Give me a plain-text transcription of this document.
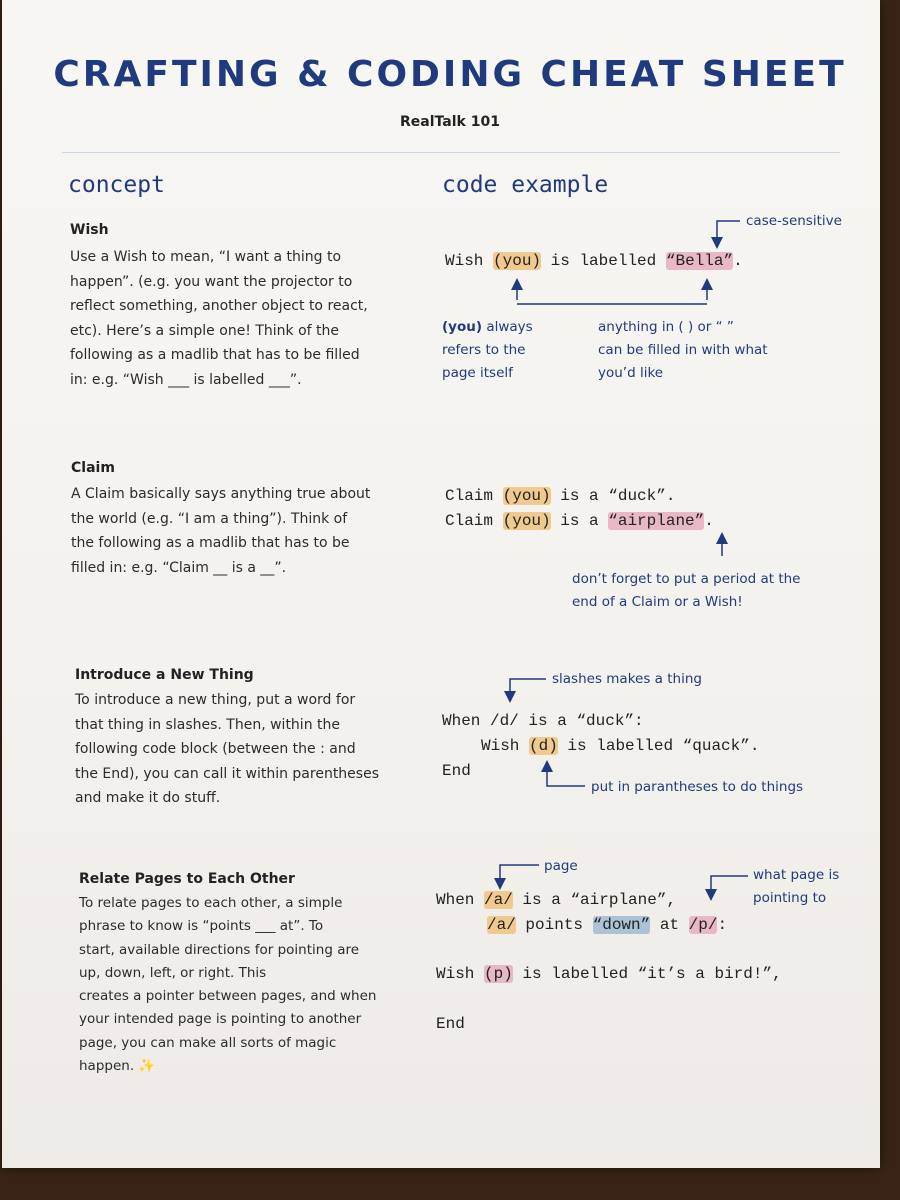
CRAFTING & CODING CHEAT SHEET
RealTalk 101
concept	code example
Wish
Use a Wish to mean, “I want a thing to
happen”. (e.g. you want the projector to
reflect something, another object to react,
etc). Here’s a simple one! Think of the
following as a madlib that has to be filled
in: e.g. “Wish ___ is labelled ___”.
Wish (you) is labelled “Bella”.
case-sensitive
(you) always
refers to the
page itself
anything in ( ) or “ ”
can be filled in with what
you’d like
Claim
A Claim basically says anything true about
the world (e.g. “I am a thing”). Think of
the following as a madlib that has to be
filled in: e.g. “Claim __ is a __”.
Claim (you) is a “duck”.
Claim (you) is a “airplane”.
don’t forget to put a period at the
end of a Claim or a Wish!
Introduce a New Thing
To introduce a new thing, put a word for
that thing in slashes. Then, within the
following code block (between the : and
the End), you can call it within parentheses
and make it do stuff.
When /d/ is a “duck”:
Wish (d) is labelled “quack”.
End
slashes makes a thing
put in parantheses to do things
Relate Pages to Each Other
To relate pages to each other, a simple
phrase to know is “points ___ at”. To
start, available directions for pointing are
up, down, left, or right. This
creates a pointer between pages, and when
your intended page is pointing to another
page, you can make all sorts of magic
happen. ✨
When /a/ is a “airplane”,
/a/ points “down” at /p/:
Wish (p) is labelled “it’s a bird!”,
End
page
what page is
pointing to
